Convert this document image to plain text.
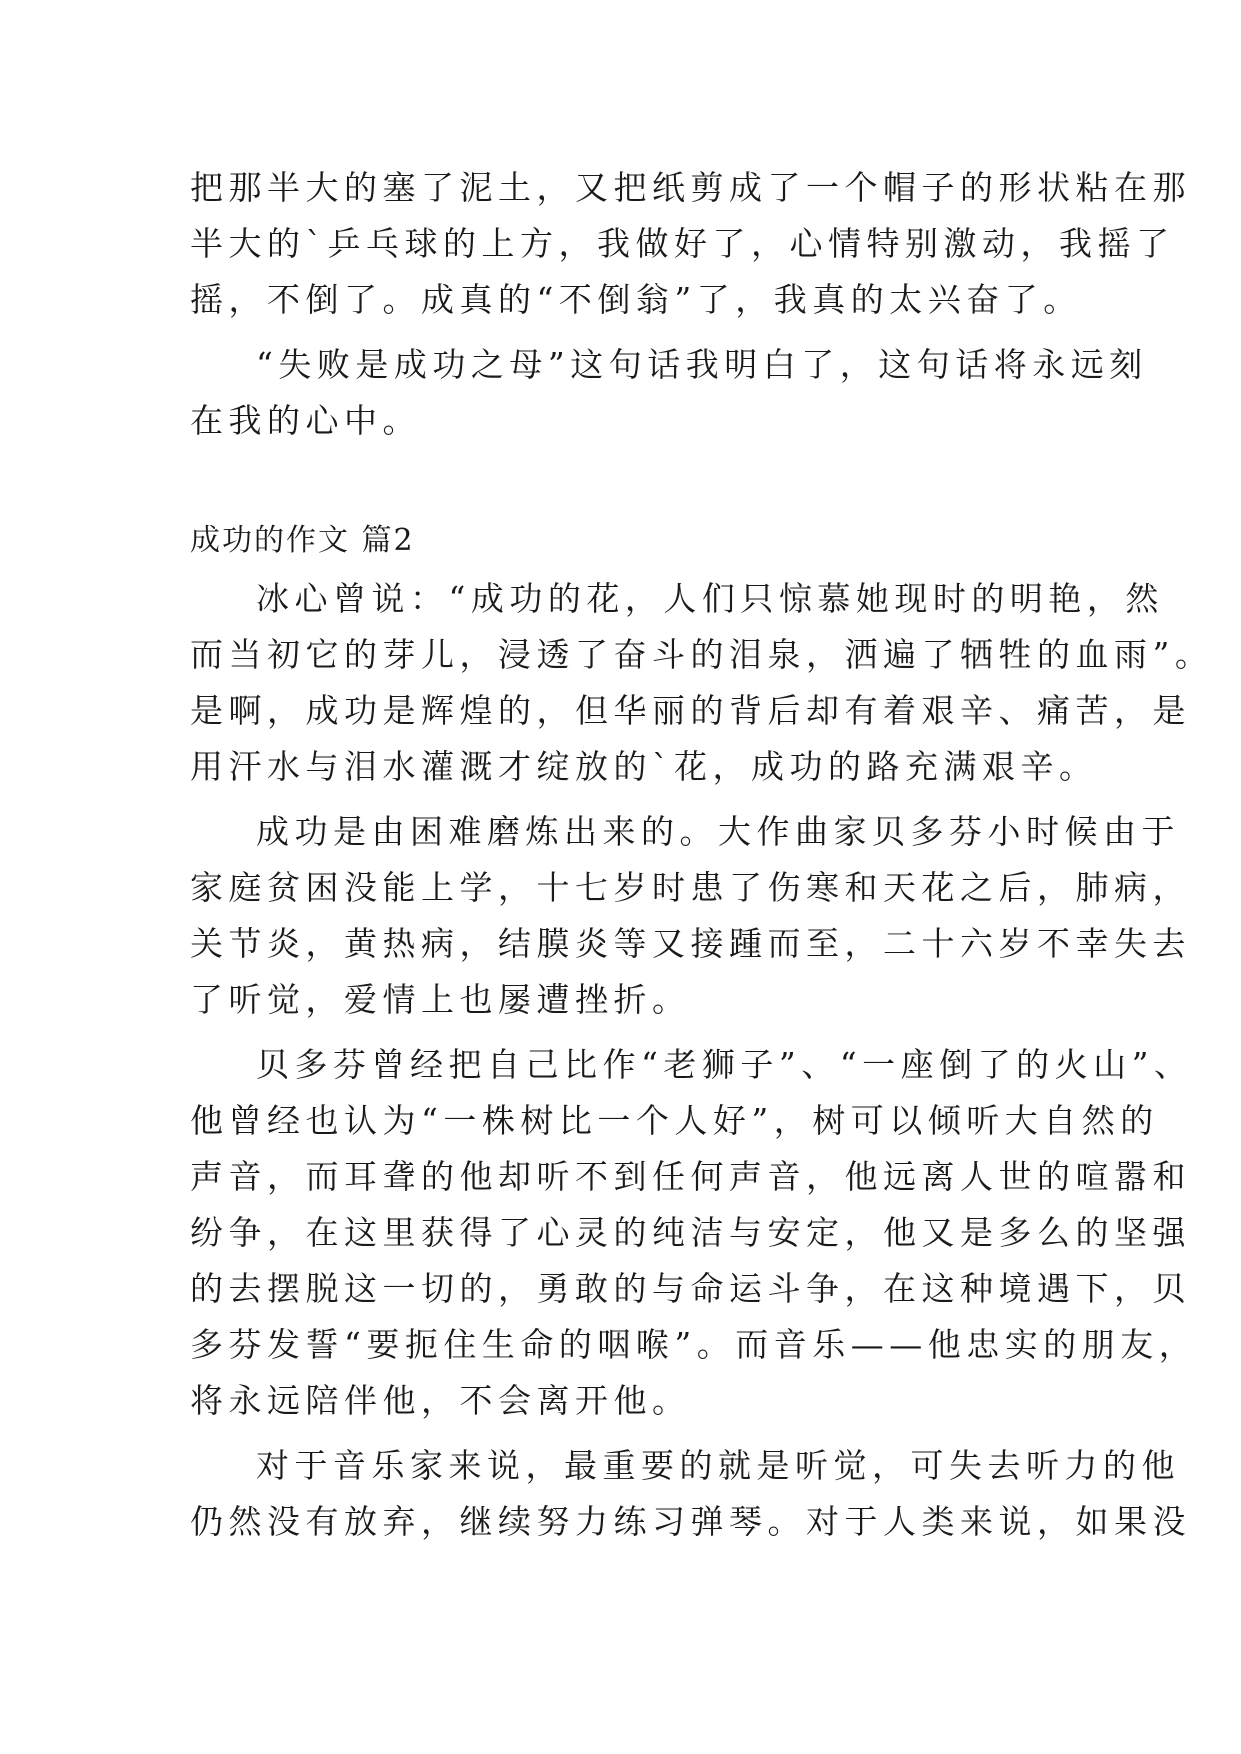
把那半大的塞了泥土，又把纸剪成了一个帽子的形状粘在那
半大的`乒乓球的上方，我做好了，心情特别激动，我摇了
摇，不倒了。成真的“不倒翁”了，我真的太兴奋了。
“失败是成功之母”这句话我明白了，这句话将永远刻
在我的心中。
成功的作文 篇2
冰心曾说：“成功的花，人们只惊慕她现时的明艳，然
而当初它的芽儿，浸透了奋斗的泪泉，洒遍了牺牲的血雨”。
是啊，成功是辉煌的，但华丽的背后却有着艰辛、痛苦，是
用汗水与泪水灌溉才绽放的`花，成功的路充满艰辛。
成功是由困难磨炼出来的。大作曲家贝多芬小时候由于
家庭贫困没能上学，十七岁时患了伤寒和天花之后，肺病，
关节炎，黄热病，结膜炎等又接踵而至，二十六岁不幸失去
了听觉，爱情上也屡遭挫折。
贝多芬曾经把自己比作“老狮子”、“一座倒了的火山”、
他曾经也认为“一株树比一个人好”，树可以倾听大自然的
声音，而耳聋的他却听不到任何声音，他远离人世的喧嚣和
纷争，在这里获得了心灵的纯洁与安定，他又是多么的坚强
的去摆脱这一切的，勇敢的与命运斗争，在这种境遇下，贝
多芬发誓“要扼住生命的咽喉”。而音乐——他忠实的朋友，
将永远陪伴他，不会离开他。
对于音乐家来说，最重要的就是听觉，可失去听力的他
仍然没有放弃，继续努力练习弹琴。对于人类来说，如果没
